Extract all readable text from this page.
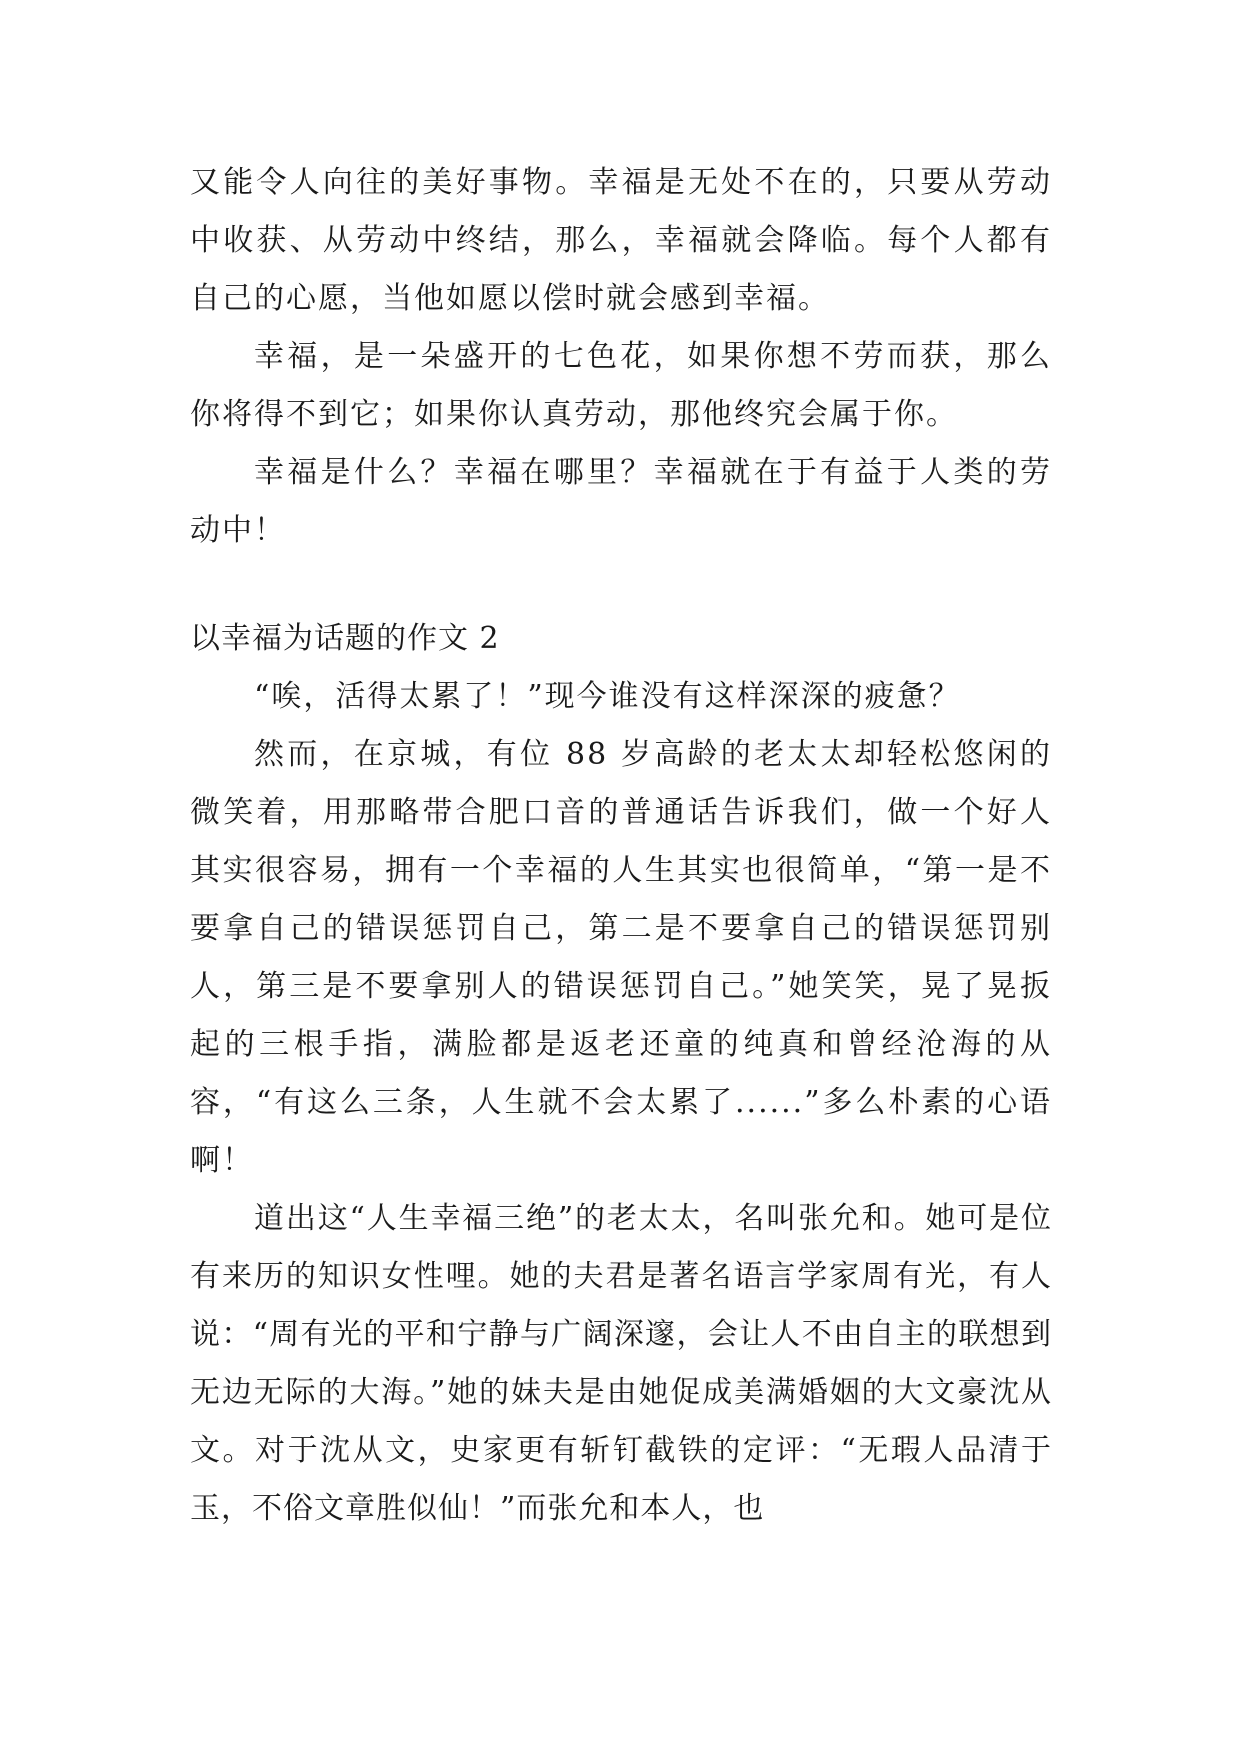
又能令人向往的美好事物。幸福是无处不在的，只要从劳动中收获、从劳动中终结，那么，幸福就会降临。每个人都有自己的心愿，当他如愿以偿时就会感到幸福。

幸福，是一朵盛开的七色花，如果你想不劳而获，那么你将得不到它；如果你认真劳动，那他终究会属于你。

幸福是什么？幸福在哪里？幸福就在于有益于人类的劳动中！

以幸福为话题的作文 2

“唉，活得太累了！”现今谁没有这样深深的疲惫？

然而，在京城，有位 88 岁高龄的老太太却轻松悠闲的微笑着，用那略带合肥口音的普通话告诉我们，做一个好人其实很容易，拥有一个幸福的人生其实也很简单，“第一是不要拿自己的错误惩罚自己，第二是不要拿自己的错误惩罚别人，第三是不要拿别人的错误惩罚自己。”她笑笑，晃了晃扳起的三根手指，满脸都是返老还童的纯真和曾经沧海的从容，“有这么三条，人生就不会太累了......”多么朴素的心语啊！

道出这“人生幸福三绝”的老太太，名叫张允和。她可是位有来历的知识女性哩。她的夫君是著名语言学家周有光，有人说：“周有光的平和宁静与广阔深邃，会让人不由自主的联想到无边无际的大海。”她的妹夫是由她促成美满婚姻的大文豪沈从文。对于沈从文，史家更有斩钉截铁的定评：“无瑕人品清于玉，不俗文章胜似仙！”而张允和本人，也
